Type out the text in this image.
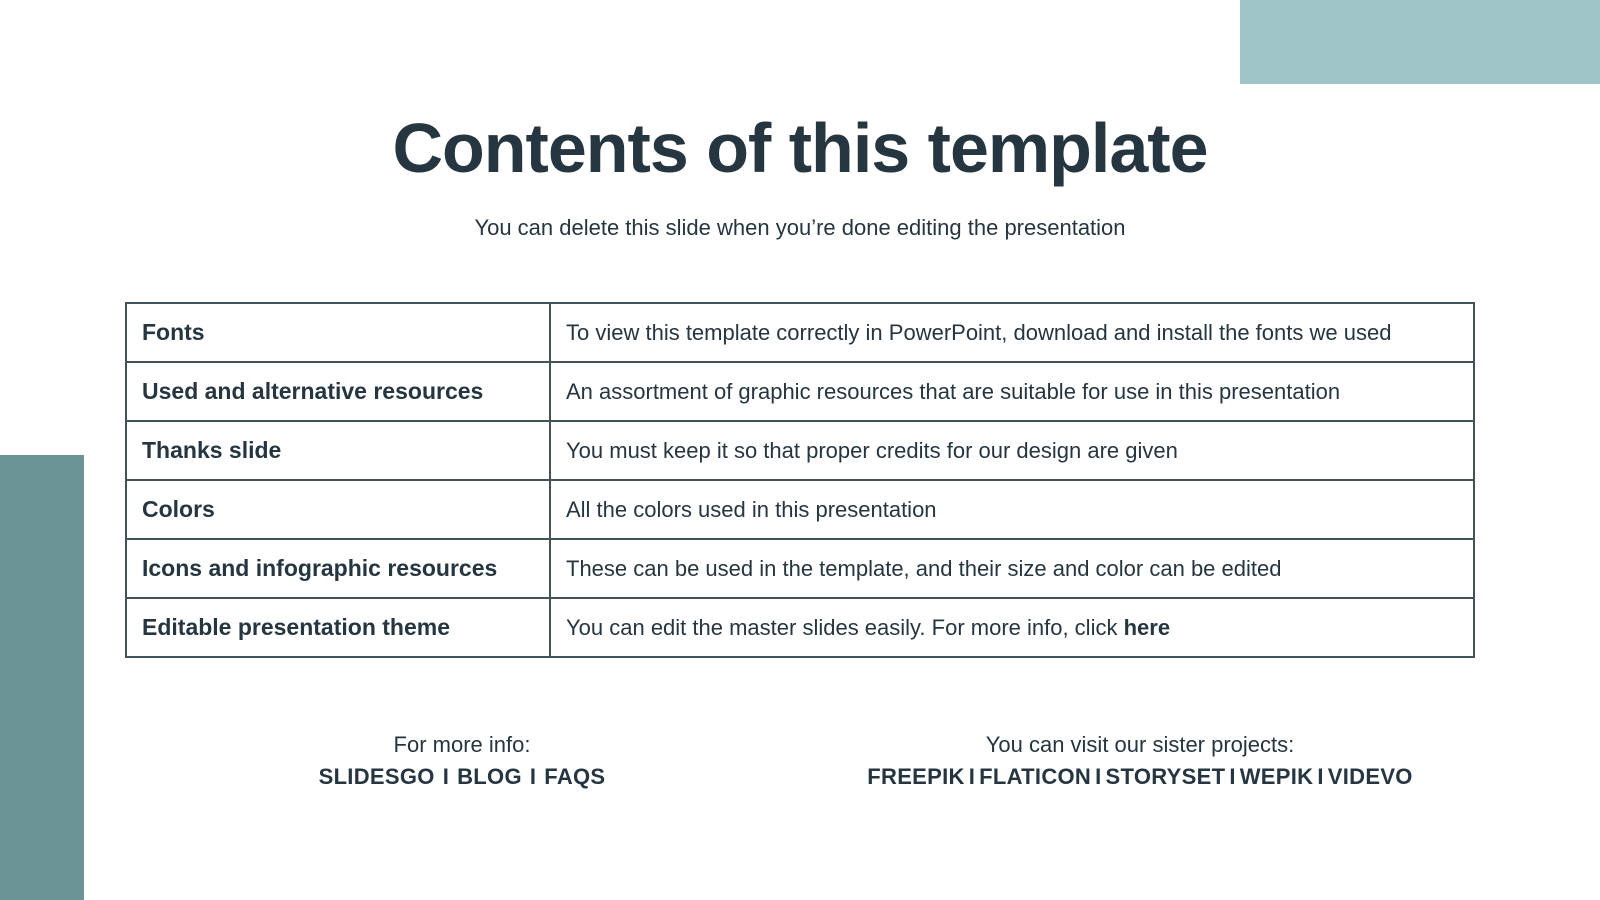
Contents of this template
You can delete this slide when you’re done editing the presentation
Fonts	To view this template correctly in PowerPoint, download and install the fonts we used
Used and alternative resources	An assortment of graphic resources that are suitable for use in this presentation
Thanks slide	You must keep it so that proper credits for our design are given
Colors	All the colors used in this presentation
Icons and infographic resources	These can be used in the template, and their size and color can be edited
Editable presentation theme	You can edit the master slides easily. For more info, click here
For more info:
SLIDESGO I BLOG I FAQS
You can visit our sister projects:
FREEPIK I FLATICON I STORYSET I WEPIK I VIDEVO
